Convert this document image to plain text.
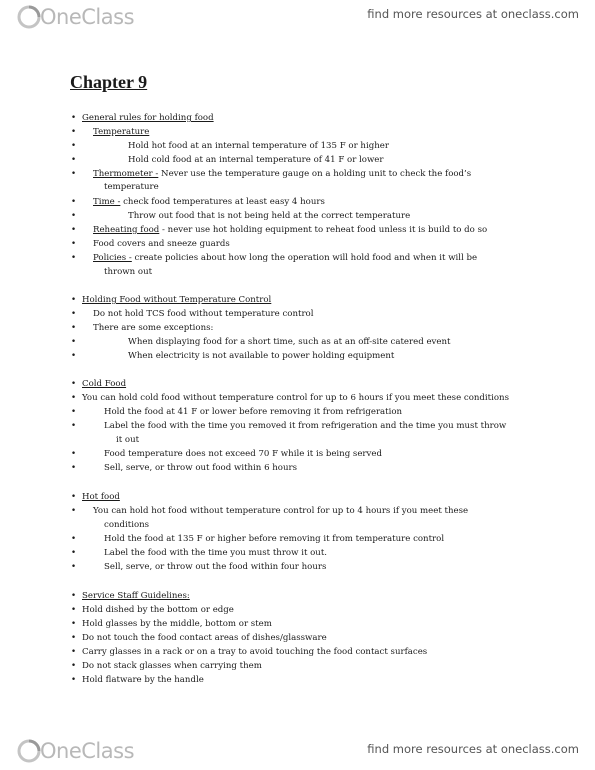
OneClass	find more resources at oneclass.com
Chapter 9
• General rules for holding food
• Temperature
•	Hold hot food at an internal temperature of 135 F or higher
•	Hold cold food at an internal temperature of 41 F or lower
• Thermometer - Never use the temperature gauge on a holding unit to check the food’s
temperature
• Time - check food temperatures at least easy 4 hours
•	Throw out food that is not being held at the correct temperature
• Reheating food - never use hot holding equipment to reheat food unless it is build to do so
• Food covers and sneeze guards
• Policies - create policies about how long the operation will hold food and when it will be
thrown out
• Holding Food without Temperature Control
• Do not hold TCS food without temperature control
• There are some exceptions:
•	When displaying food for a short time, such as at an off-site catered event
•	When electricity is not available to power holding equipment
• Cold Food
• You can hold cold food without temperature control for up to 6 hours if you meet these conditions
•	Hold the food at 41 F or lower before removing it from refrigeration
•	Label the food with the time you removed it from refrigeration and the time you must throw
it out
•	Food temperature does not exceed 70 F while it is being served
•	Sell, serve, or throw out food within 6 hours
• Hot food
• You can hold hot food without temperature control for up to 4 hours if you meet these
conditions
•	Hold the food at 135 F or higher before removing it from temperature control
•	Label the food with the time you must throw it out.
•	Sell, serve, or throw out the food within four hours
• Service Staff Guidelines:
• Hold dished by the bottom or edge
• Hold glasses by the middle, bottom or stem
• Do not touch the food contact areas of dishes/glassware
• Carry glasses in a rack or on a tray to avoid touching the food contact surfaces
• Do not stack glasses when carrying them
• Hold flatware by the handle
OneClass	find more resources at oneclass.com
